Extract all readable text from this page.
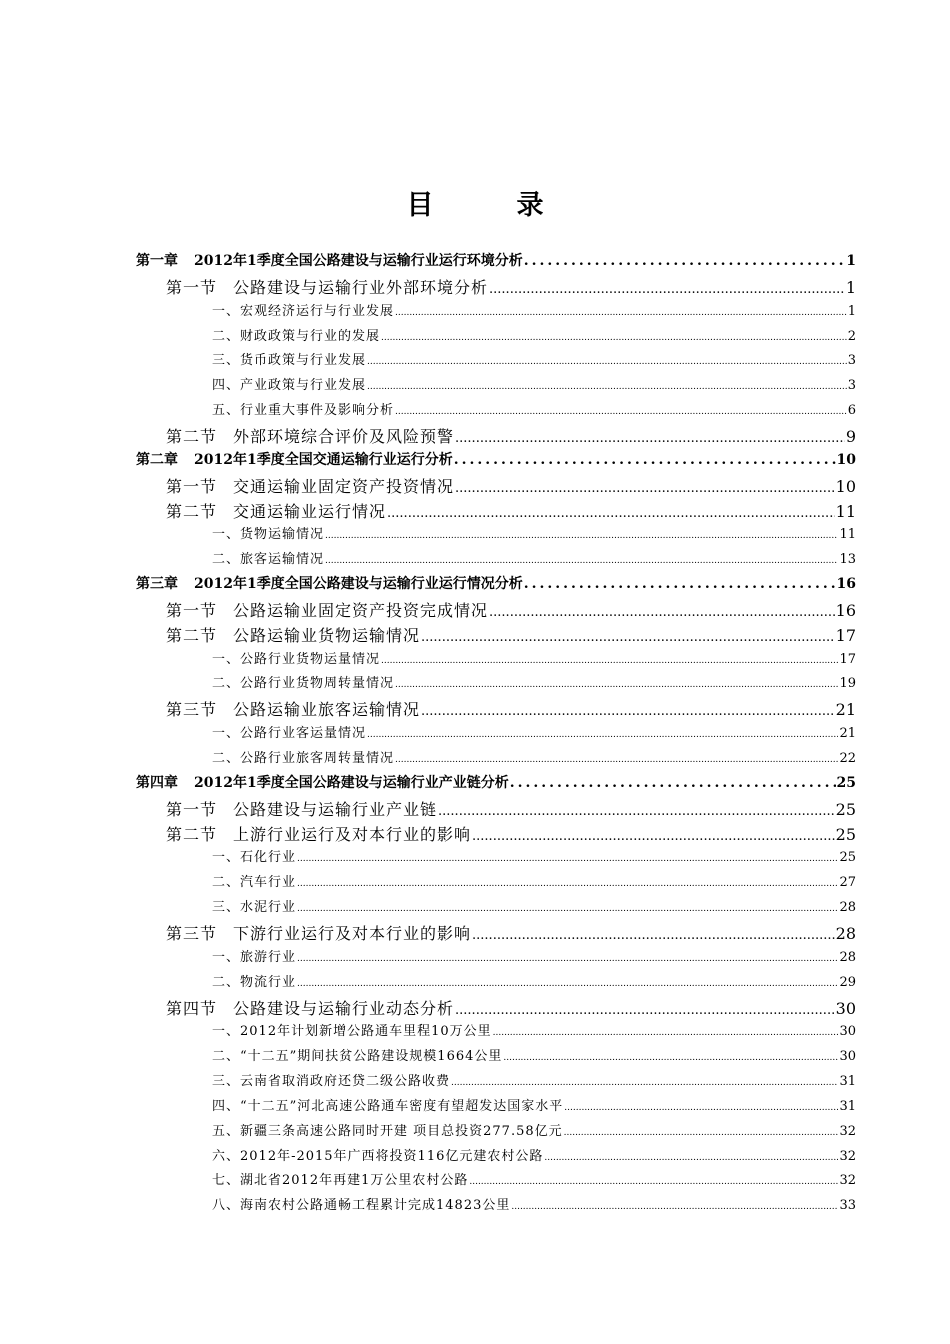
目　录
第一章 2012年1季度全国公路建设与运输行业运行环境分析 .....	1
第一节 公路建设与运输行业外部环境分析 .....	1
一、宏观经济运行与行业发展 .....	1
二、财政政策与行业的发展 .....	2
三、货币政策与行业发展 .....	3
四、产业政策与行业发展 .....	3
五、行业重大事件及影响分析 .....	6
第二节 外部环境综合评价及风险预警 .....	9
第二章 2012年1季度全国交通运输行业运行分析 .....	10
第一节 交通运输业固定资产投资情况 .....	10
第二节 交通运输业运行情况 .....	11
一、货物运输情况 .....	11
二、旅客运输情况 .....	13
第三章 2012年1季度全国公路建设与运输行业运行情况分析 .....	16
第一节 公路运输业固定资产投资完成情况 .....	16
第二节 公路运输业货物运输情况 .....	17
一、公路行业货物运量情况 .....	17
二、公路行业货物周转量情况 .....	19
第三节 公路运输业旅客运输情况 .....	21
一、公路行业客运量情况 .....	21
二、公路行业旅客周转量情况 .....	22
第四章 2012年1季度全国公路建设与运输行业产业链分析 .....	25
第一节 公路建设与运输行业产业链 .....	25
第二节 上游行业运行及对本行业的影响 .....	25
一、石化行业 .....	25
二、汽车行业 .....	27
三、水泥行业 .....	28
第三节 下游行业运行及对本行业的影响 .....	28
一、旅游行业 .....	28
二、物流行业 .....	29
第四节 公路建设与运输行业动态分析 .....	30
一、2012年计划新增公路通车里程10万公里 .....	30
二、“十二五”期间扶贫公路建设规模1664公里 .....	30
三、云南省取消政府还贷二级公路收费 .....	31
四、“十二五”河北高速公路通车密度有望超发达国家水平 .....	31
五、新疆三条高速公路同时开建 项目总投资277.58亿元 .....	32
六、2012年-2015年广西将投资116亿元建农村公路 .....	32
七、湖北省2012年再建1万公里农村公路 .....	32
八、海南农村公路通畅工程累计完成14823公里 .....	33
